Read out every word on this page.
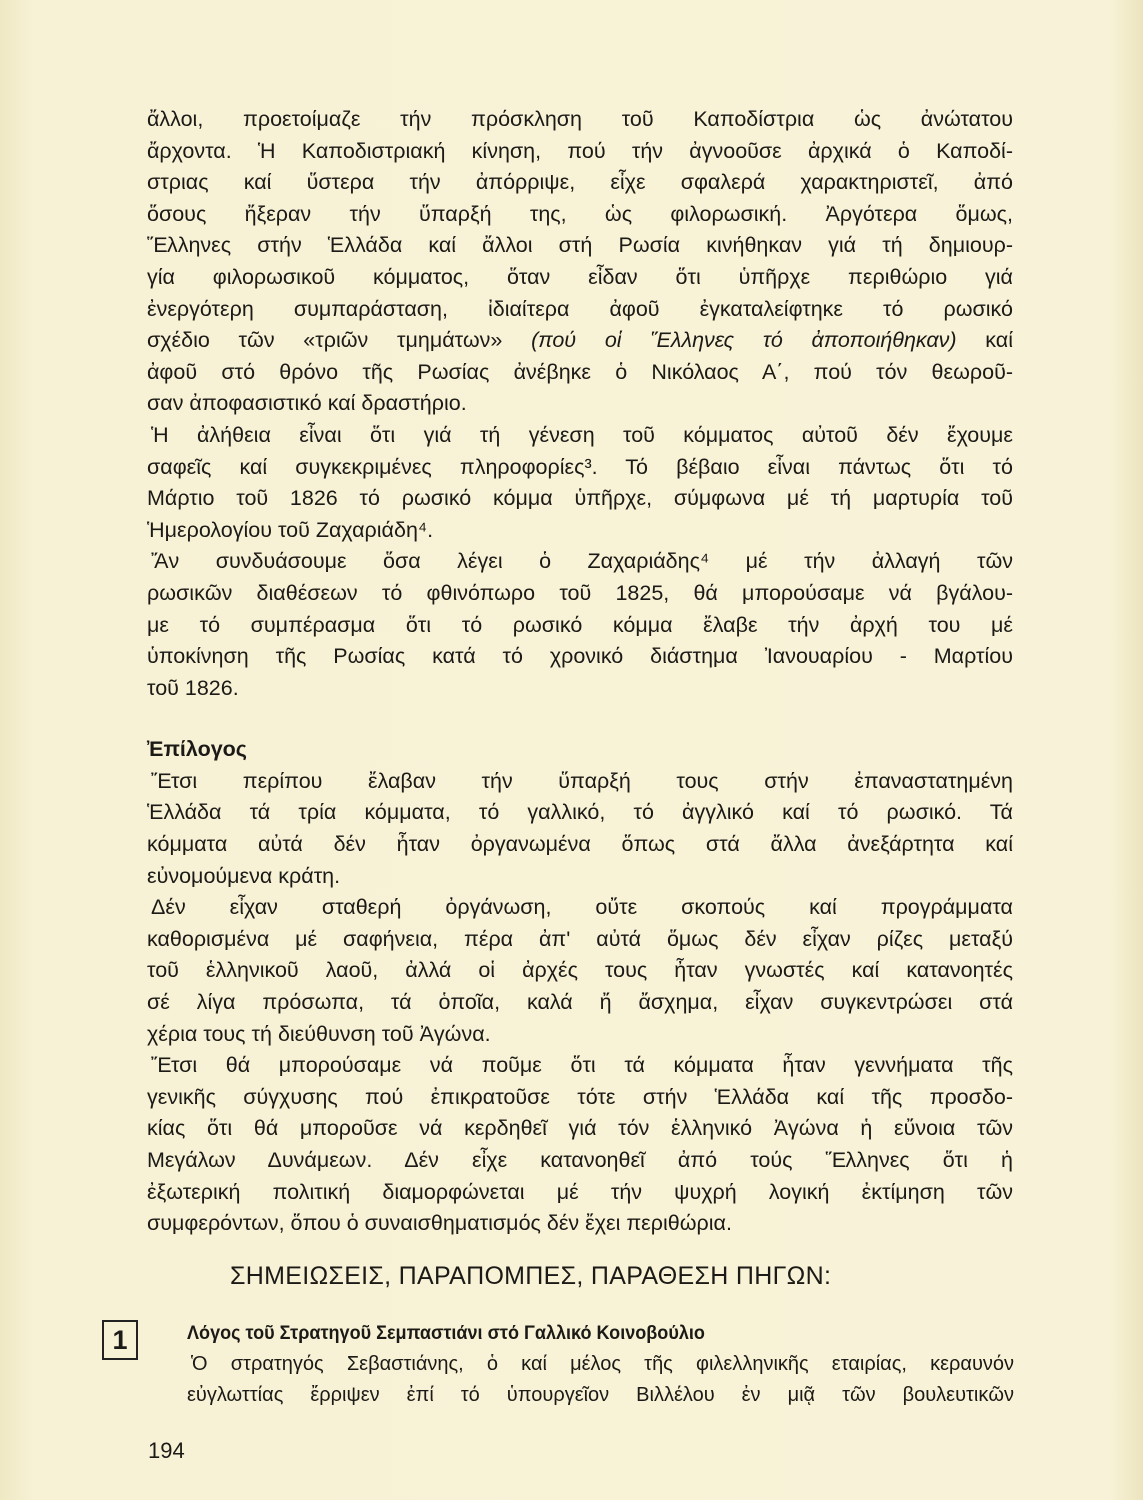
ἄλλοι, προετοίμαζε τήν πρόσκληση τοῦ Καποδίστρια ὡς ἀνώτατου
ἄρχοντα. Ἡ Καποδιστριακή κίνηση, πού τήν ἀγνοοῦσε ἀρχικά ὁ Καποδί-
στριας καί ὕστερα τήν ἀπόρριψε, εἶχε σφαλερά χαρακτηριστεῖ, ἀπό
ὅσους ἤξεραν τήν ὕπαρξή της, ὡς φιλορωσική. Ἀργότερα ὅμως,
Ἕλληνες στήν Ἑλλάδα καί ἄλλοι στή Ρωσία κινήθηκαν γιά τή δημιουρ-
γία φιλορωσικοῦ κόμματος, ὅταν εἶδαν ὅτι ὑπῆρχε περιθώριο γιά
ἐνεργότερη συμπαράσταση, ἰδιαίτερα ἀφοῦ ἐγκαταλείφτηκε τό ρωσικό
σχέδιο τῶν «τριῶν τμημάτων» (πού οἱ Ἕλληνες τό ἀποποιήθηκαν) καί
ἀφοῦ στό θρόνο τῆς Ρωσίας ἀνέβηκε ὁ Νικόλαος Α΄, πού τόν θεωροῦ-
σαν ἀποφασιστικό καί δραστήριο.
Ἡ ἀλήθεια εἶναι ὅτι γιά τή γένεση τοῦ κόμματος αὐτοῦ δέν ἔχουμε
σαφεῖς καί συγκεκριμένες πληροφορίες³. Τό βέβαιο εἶναι πάντως ὅτι τό
Μάρτιο τοῦ 1826 τό ρωσικό κόμμα ὑπῆρχε, σύμφωνα μέ τή μαρτυρία τοῦ
Ἡμερολογίου τοῦ Ζαχαριάδη⁴.
Ἄν συνδυάσουμε ὅσα λέγει ὁ Ζαχαριάδης⁴ μέ τήν ἀλλαγή τῶν
ρωσικῶν διαθέσεων τό φθινόπωρο τοῦ 1825, θά μπορούσαμε νά βγάλου-
με τό συμπέρασμα ὅτι τό ρωσικό κόμμα ἔλαβε τήν ἀρχή του μέ
ὑποκίνηση τῆς Ρωσίας κατά τό χρονικό διάστημα Ἰανουαρίου - Μαρτίου
τοῦ 1826.
Ἐπίλογος
Ἔτσι περίπου ἔλαβαν τήν ὕπαρξή τους στήν ἐπαναστατημένη
Ἑλλάδα τά τρία κόμματα, τό γαλλικό, τό ἀγγλικό καί τό ρωσικό. Τά
κόμματα αὐτά δέν ἦταν ὀργανωμένα ὅπως στά ἄλλα ἀνεξάρτητα καί
εὐνομούμενα κράτη.
Δέν εἶχαν σταθερή ὀργάνωση, οὔτε σκοπούς καί προγράμματα
καθορισμένα μέ σαφήνεια, πέρα ἀπ' αὐτά ὅμως δέν εἶχαν ρίζες μεταξύ
τοῦ ἑλληνικοῦ λαοῦ, ἀλλά οἱ ἀρχές τους ἦταν γνωστές καί κατανοητές
σέ λίγα πρόσωπα, τά ὁποῖα, καλά ἤ ἄσχημα, εἶχαν συγκεντρώσει στά
χέρια τους τή διεύθυνση τοῦ Ἀγώνα.
Ἔτσι θά μπορούσαμε νά ποῦμε ὅτι τά κόμματα ἦταν γεννήματα τῆς
γενικῆς σύγχυσης πού ἐπικρατοῦσε τότε στήν Ἑλλάδα καί τῆς προσδο-
κίας ὅτι θά μποροῦσε νά κερδηθεῖ γιά τόν ἑλληνικό Ἀγώνα ἡ εὔνοια τῶν
Μεγάλων Δυνάμεων. Δέν εἶχε κατανοηθεῖ ἀπό τούς Ἕλληνες ὅτι ἡ
ἐξωτερική πολιτική διαμορφώνεται μέ τήν ψυχρή λογική ἐκτίμηση τῶν
συμφερόντων, ὅπου ὁ συναισθηματισμός δέν ἔχει περιθώρια.
ΣΗΜΕΙΩΣΕΙΣ, ΠΑΡΑΠΟΜΠΕΣ, ΠΑΡΑΘΕΣΗ ΠΗΓΩΝ:
1	Λόγος τοῦ Στρατηγοῦ Σεμπαστιάνι στό Γαλλικό Κοινοβούλιο
Ὁ στρατηγός Σεβαστιάνης, ὁ καί μέλος τῆς φιλελληνικῆς εταιρίας, κεραυνόν
εὐγλωττίας ἔρριψεν ἐπί τό ὑπουργεῖον Βιλλέλου ἐν μιᾷ τῶν βουλευτικῶν
194
